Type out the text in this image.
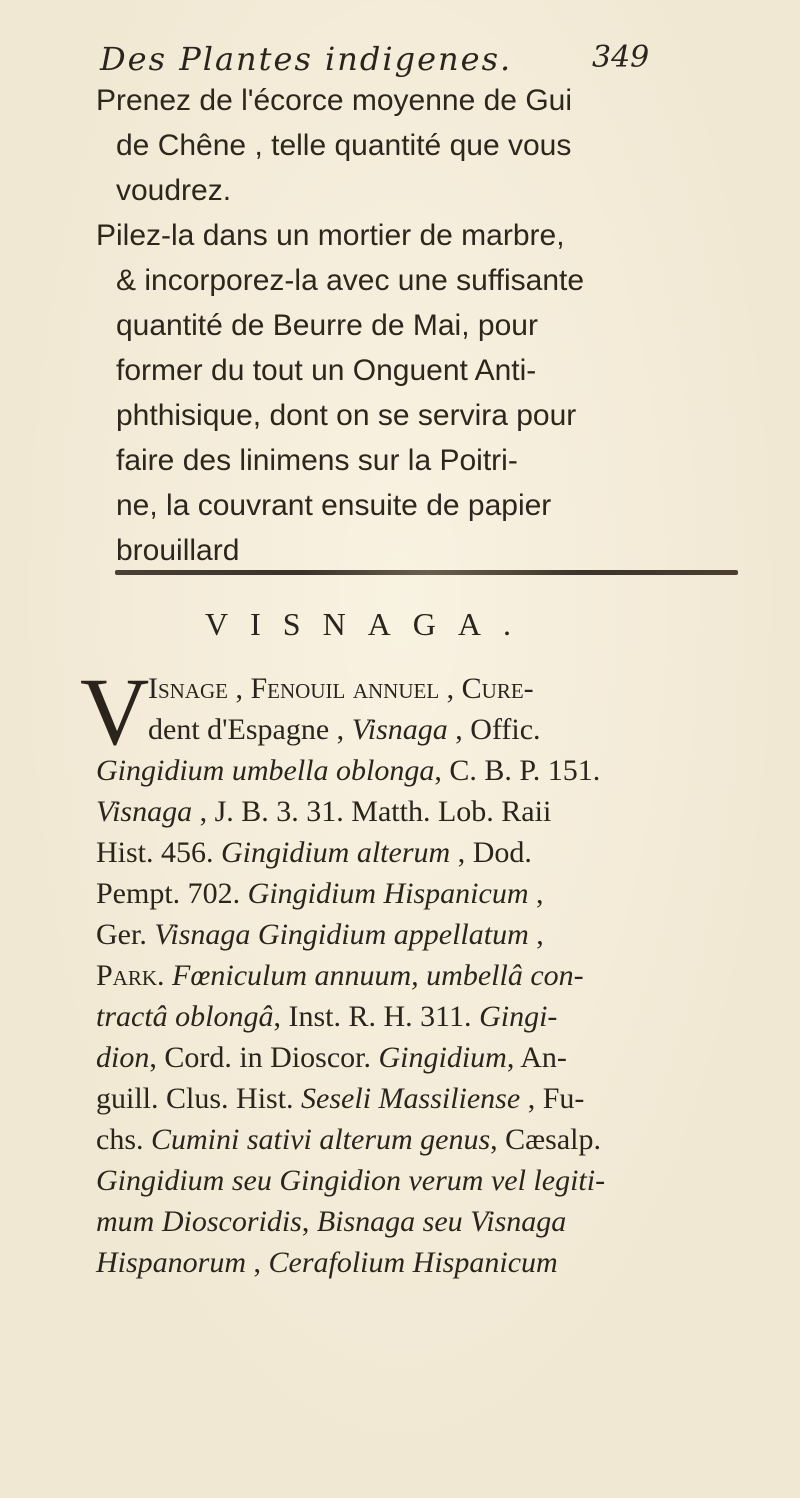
Des Plantes indigenes.	349

Prenez de l'écorce moyenne de Gui
de Chêne , telle quantité que vous
voudrez.

Pilez-la dans un mortier de marbre,
& incorporez-la avec une suffisante
quantité de Beurre de Mai, pour
former du tout un Onguent Anti-
phthisique, dont on se servira pour
faire des linimens sur la Poitri-
ne, la couvrant ensuite de papier
brouillard

VISNAGA.
V
Isnage , Fenouil annuel , Cure-
dent d'Espagne , Visnaga , Offic.
Gingidium umbella oblonga, C. B. P. 151.
Visnaga , J. B. 3. 31. Matth. Lob. Raii
Hist. 456. Gingidium alterum , Dod.
Pempt. 702. Gingidium Hispanicum ,
Ger. Visnaga Gingidium appellatum ,
Park. Fœniculum annuum, umbellâ con-
tractâ oblongâ, Inst. R. H. 311. Gingi-
dion, Cord. in Dioscor. Gingidium, An-
guill. Clus. Hist. Seseli Massiliense , Fu-
chs. Cumini sativi alterum genus, Cæsalp.
Gingidium seu Gingidion verum vel legiti-
mum Dioscoridis, Bisnaga seu Visnaga
Hispanorum , Cerafolium Hispanicum
